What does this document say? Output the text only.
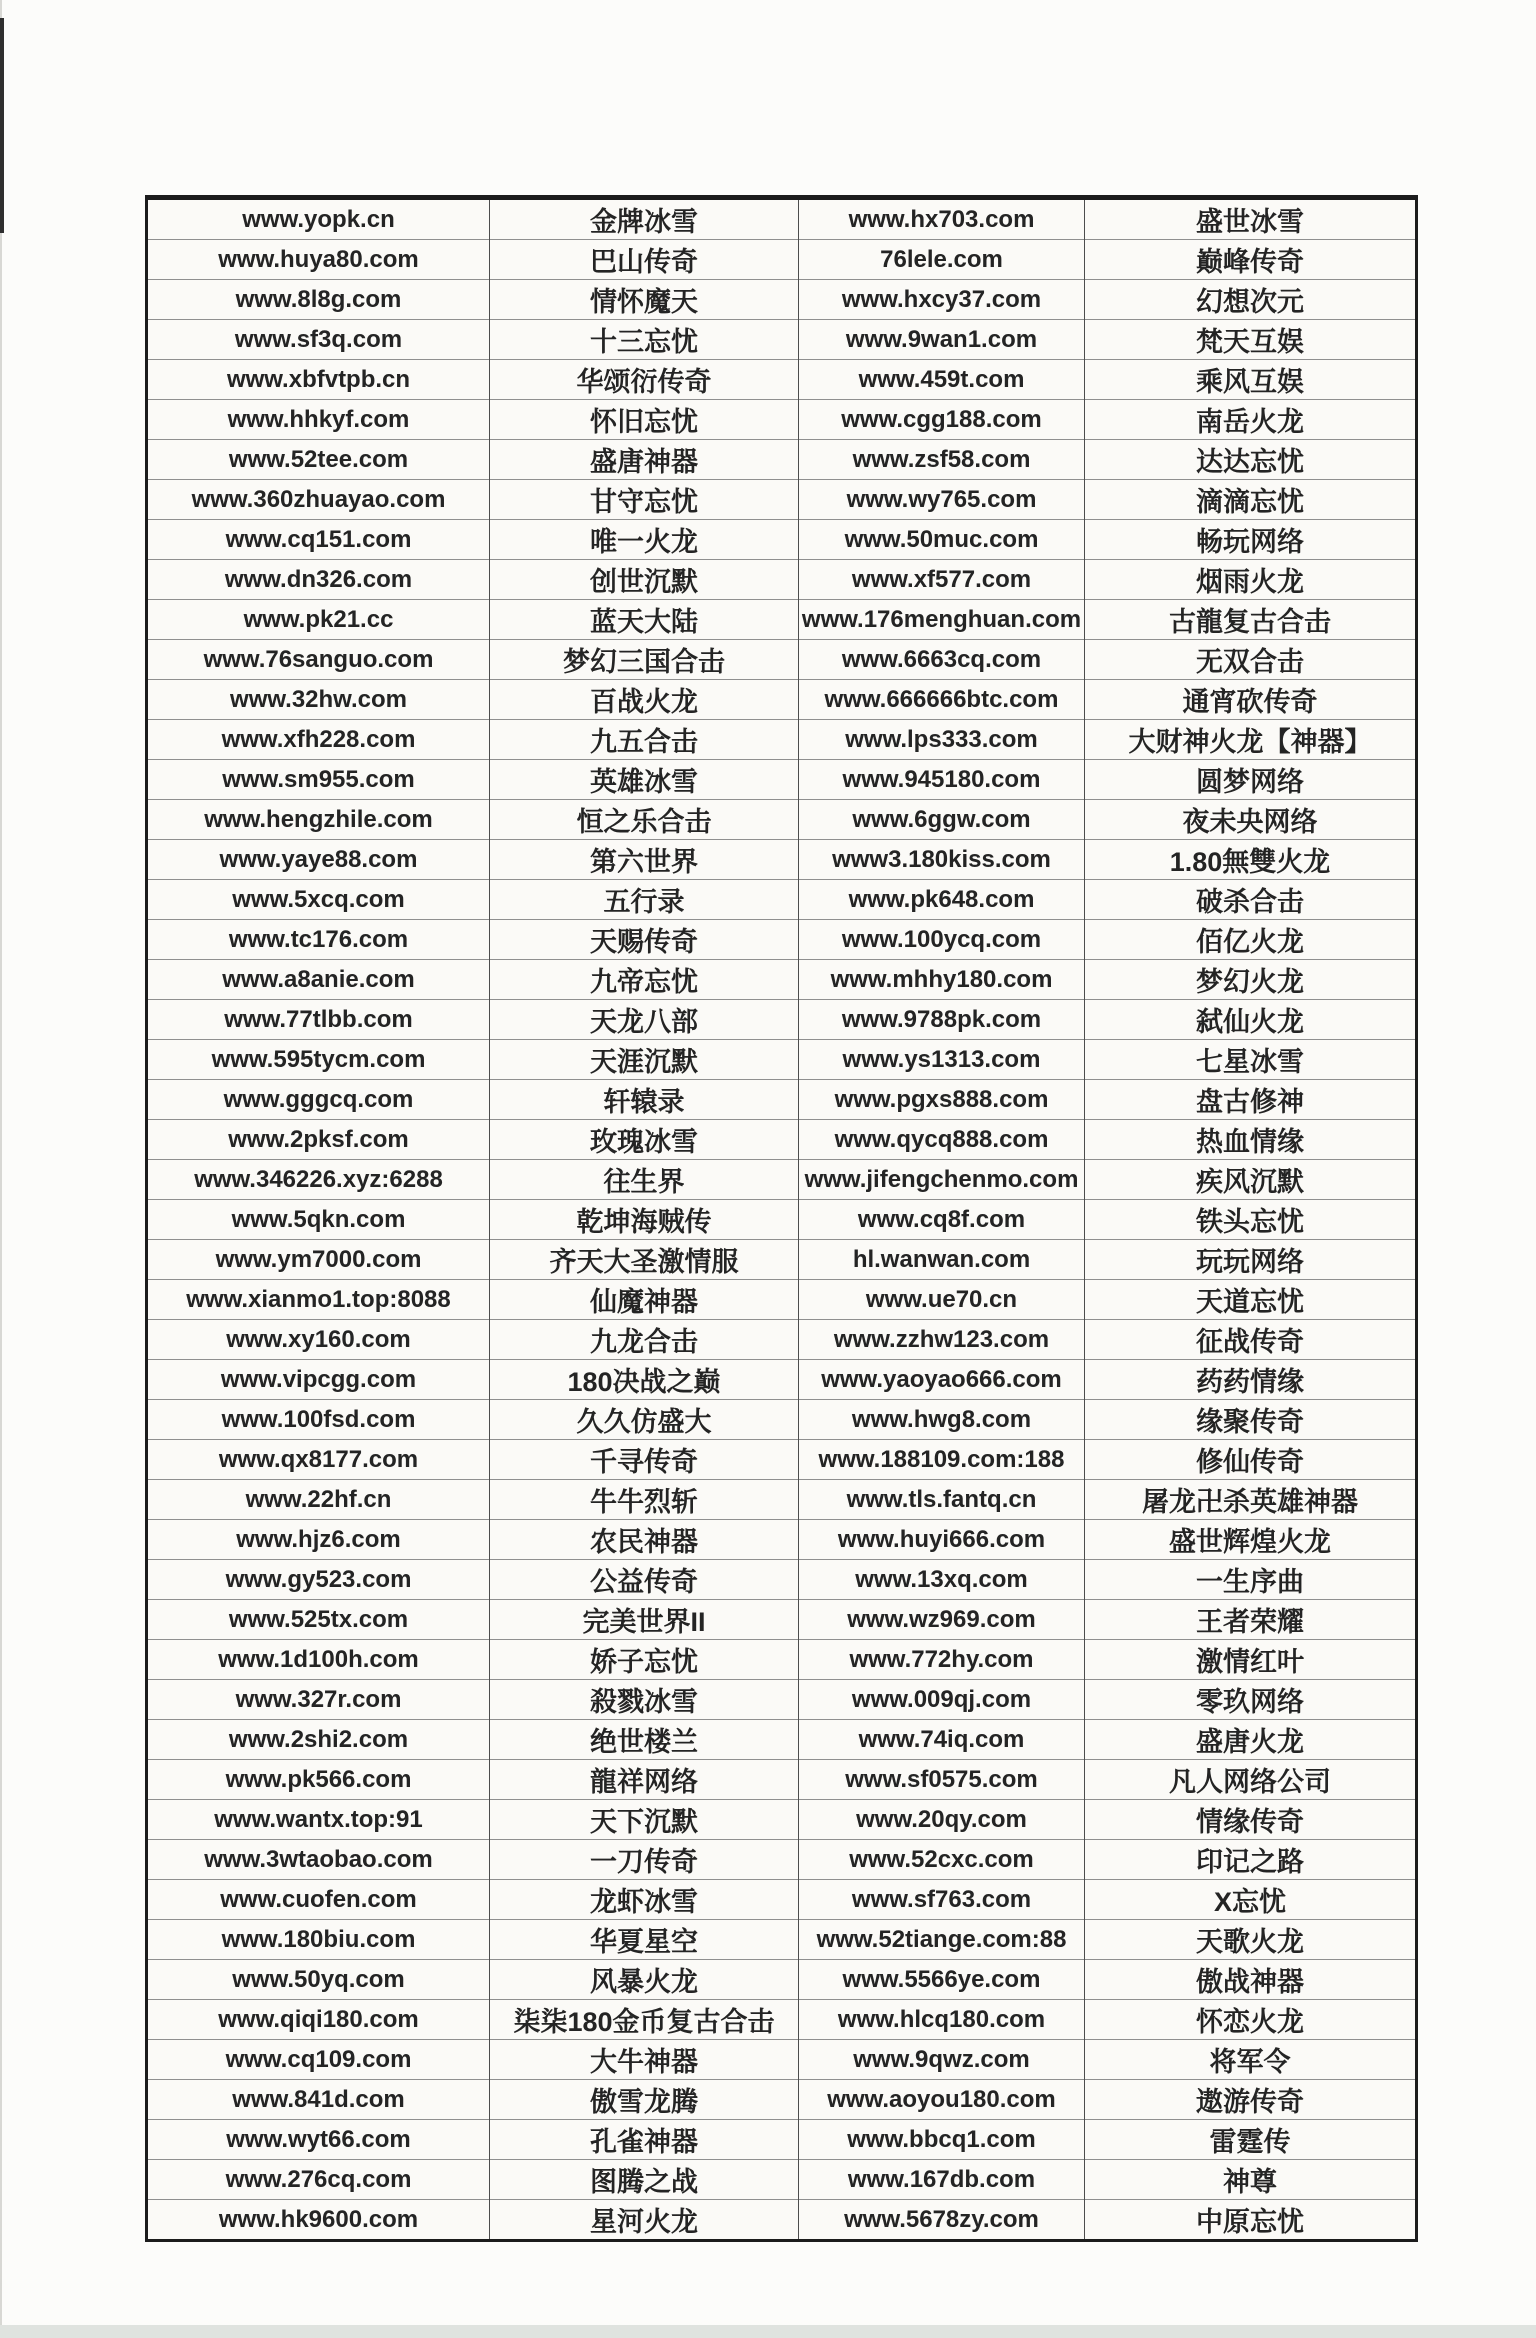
www.yopk.cn	金牌冰雪	www.hx703.com	盛世冰雪
www.huya80.com	巴山传奇	76lele.com	巅峰传奇
www.8l8g.com	情怀魔天	www.hxcy37.com	幻想次元
www.sf3q.com	十三忘忧	www.9wan1.com	梵天互娱
www.xbfvtpb.cn	华颂衍传奇	www.459t.com	乘风互娱
www.hhkyf.com	怀旧忘忧	www.cgg188.com	南岳火龙
www.52tee.com	盛唐神器	www.zsf58.com	达达忘忧
www.360zhuayao.com	甘守忘忧	www.wy765.com	滴滴忘忧
www.cq151.com	唯一火龙	www.50muc.com	畅玩网络
www.dn326.com	创世沉默	www.xf577.com	烟雨火龙
www.pk21.cc	蓝天大陆	www.176menghuan.com	古龍复古合击
www.76sanguo.com	梦幻三国合击	www.6663cq.com	无双合击
www.32hw.com	百战火龙	www.666666btc.com	通宵砍传奇
www.xfh228.com	九五合击	www.lps333.com	大财神火龙【神器】
www.sm955.com	英雄冰雪	www.945180.com	圆梦网络
www.hengzhile.com	恒之乐合击	www.6ggw.com	夜未央网络
www.yaye88.com	第六世界	www3.180kiss.com	1.80無雙火龙
www.5xcq.com	五行录	www.pk648.com	破杀合击
www.tc176.com	天赐传奇	www.100ycq.com	佰亿火龙
www.a8anie.com	九帝忘忧	www.mhhy180.com	梦幻火龙
www.77tlbb.com	天龙八部	www.9788pk.com	弑仙火龙
www.595tycm.com	天涯沉默	www.ys1313.com	七星冰雪
www.gggcq.com	轩辕录	www.pgxs888.com	盘古修神
www.2pksf.com	玫瑰冰雪	www.qycq888.com	热血情缘
www.346226.xyz:6288	往生界	www.jifengchenmo.com	疾风沉默
www.5qkn.com	乾坤海贼传	www.cq8f.com	铁头忘忧
www.ym7000.com	齐天大圣激情服	hl.wanwan.com	玩玩网络
www.xianmo1.top:8088	仙魔神器	www.ue70.cn	天道忘忧
www.xy160.com	九龙合击	www.zzhw123.com	征战传奇
www.vipcgg.com	180决战之巅	www.yaoyao666.com	药药情缘
www.100fsd.com	久久仿盛大	www.hwg8.com	缘聚传奇
www.qx8177.com	千寻传奇	www.188109.com:188	修仙传奇
www.22hf.cn	牛牛烈斩	www.tls.fantq.cn	屠龙卍杀英雄神器
www.hjz6.com	农民神器	www.huyi666.com	盛世辉煌火龙
www.gy523.com	公益传奇	www.13xq.com	一生序曲
www.525tx.com	完美世界II	www.wz969.com	王者荣耀
www.1d100h.com	娇子忘忧	www.772hy.com	激情红叶
www.327r.com	殺戮冰雪	www.009qj.com	零玖网络
www.2shi2.com	绝世楼兰	www.74iq.com	盛唐火龙
www.pk566.com	龍祥网络	www.sf0575.com	凡人网络公司
www.wantx.top:91	天下沉默	www.20qy.com	情缘传奇
www.3wtaobao.com	一刀传奇	www.52cxc.com	印记之路
www.cuofen.com	龙虾冰雪	www.sf763.com	X忘忧
www.180biu.com	华夏星空	www.52tiange.com:88	天歌火龙
www.50yq.com	风暴火龙	www.5566ye.com	傲战神器
www.qiqi180.com	柒柒180金币复古合击	www.hlcq180.com	怀恋火龙
www.cq109.com	大牛神器	www.9qwz.com	将军令
www.841d.com	傲雪龙腾	www.aoyou180.com	遨游传奇
www.wyt66.com	孔雀神器	www.bbcq1.com	雷霆传
www.276cq.com	图腾之战	www.167db.com	神尊
www.hk9600.com	星河火龙	www.5678zy.com	中原忘忧
